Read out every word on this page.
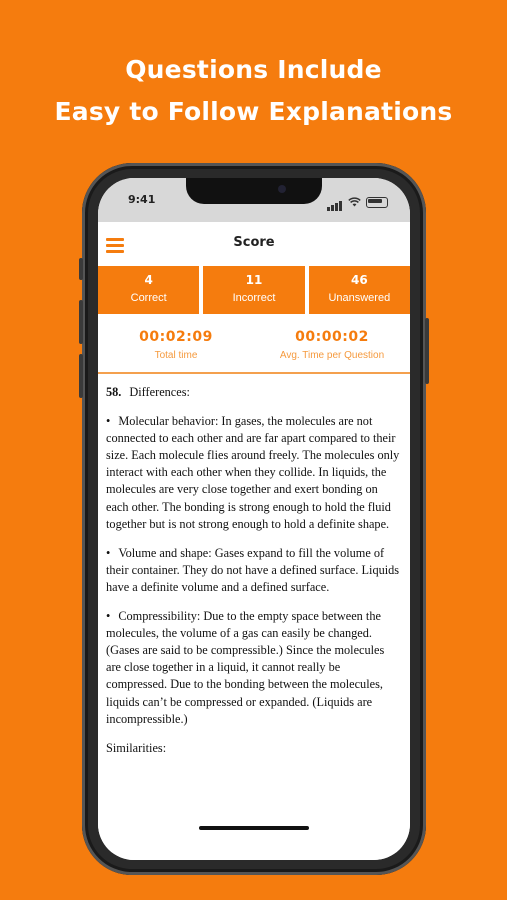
Questions Include
Easy to Follow Explanations
9:41
Score
4
Correct
11
Incorrect
46
Unanswered
00:02:09
Total time
00:00:02
Avg. Time per Question
58. Differences:
• Molecular behavior: In gases, the molecules are not connected to each other and are far apart compared to their size. Each molecule flies around freely. The molecules only interact with each other when they collide. In liquids, the molecules are very close together and exert bonding on each other. The bonding is strong enough to hold the fluid together but is not strong enough to hold a definite shape.
• Volume and shape: Gases expand to fill the volume of their container. They do not have a defined surface. Liquids have a definite volume and a defined surface.
• Compressibility: Due to the empty space between the molecules, the volume of a gas can easily be changed. (Gases are said to be compressible.) Since the molecules are close together in a liquid, it cannot really be compressed. Due to the bonding between the molecules, liquids can’t be compressed or expanded. (Liquids are incompressible.)
Similarities:
